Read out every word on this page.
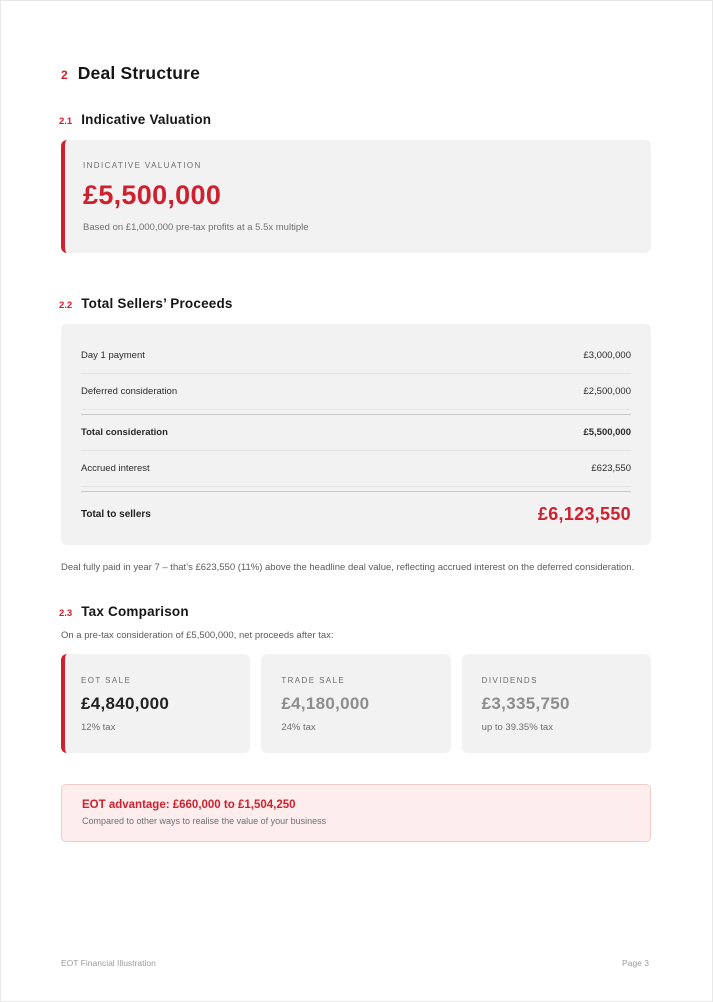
2 Deal Structure
2.1 Indicative Valuation
INDICATIVE VALUATION
£5,500,000
Based on £1,000,000 pre-tax profits at a 5.5x multiple
2.2 Total Sellers’ Proceeds
Day 1 payment	£3,000,000
Deferred consideration	£2,500,000
Total consideration	£5,500,000
Accrued interest	£623,550
Total to sellers	£6,123,550

Deal fully paid in year 7 – that’s £623,550 (11%) above the headline deal value, reflecting accrued interest on the deferred consideration.

2.3 Tax Comparison

On a pre-tax consideration of £5,500,000, net proceeds after tax:

EOT SALE
£4,840,000
12% tax
TRADE SALE
£4,180,000
24% tax
DIVIDENDS
£3,335,750
up to 39.35% tax
EOT advantage: £660,000 to £1,504,250
Compared to other ways to realise the value of your business
EOT Financial Illustration	Page 3
